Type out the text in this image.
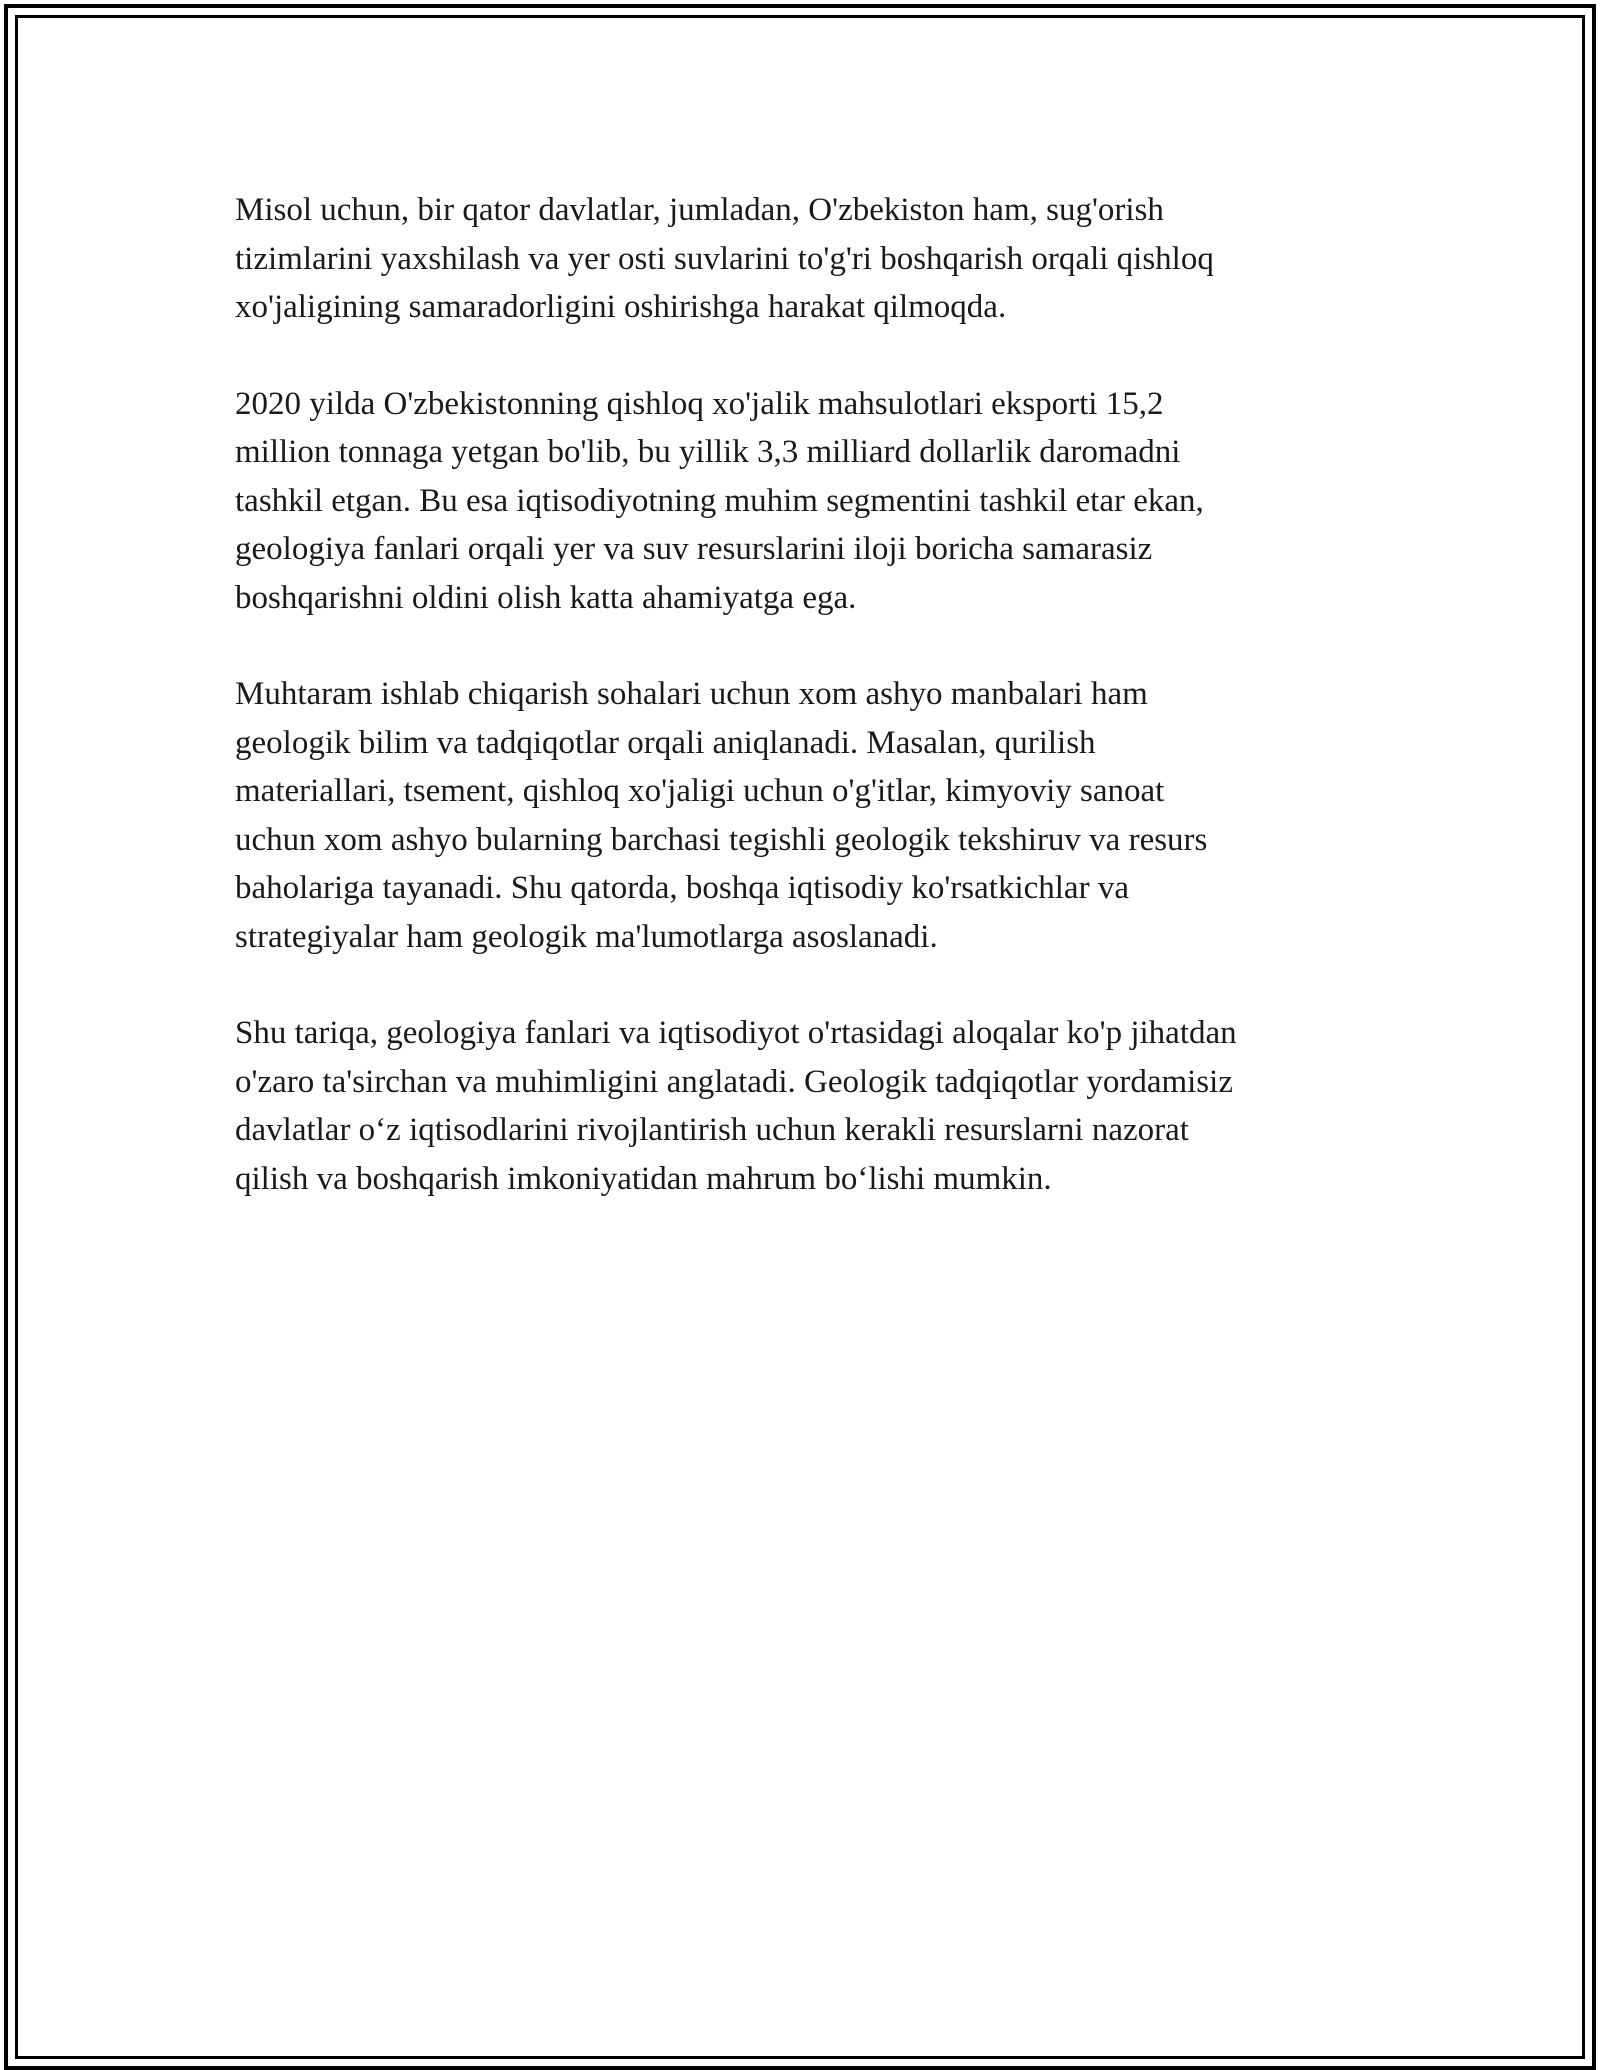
Misol uchun, bir qator davlatlar, jumladan, O'zbekiston ham, sug'orish
tizimlarini yaxshilash va yer osti suvlarini to'g'ri boshqarish orqali qishloq
xo'jaligining samaradorligini oshirishga harakat qilmoqda.

2020 yilda O'zbekistonning qishloq xo'jalik mahsulotlari eksporti 15,2
million tonnaga yetgan bo'lib, bu yillik 3,3 milliard dollarlik daromadni
tashkil etgan. Bu esa iqtisodiyotning muhim segmentini tashkil etar ekan,
geologiya fanlari orqali yer va suv resurslarini iloji boricha samarasiz
boshqarishni oldini olish katta ahamiyatga ega.

Muhtaram ishlab chiqarish sohalari uchun xom ashyo manbalari ham
geologik bilim va tadqiqotlar orqali aniqlanadi. Masalan, qurilish
materiallari, tsement, qishloq xo'jaligi uchun o'g'itlar, kimyoviy sanoat
uchun xom ashyo bularning barchasi tegishli geologik tekshiruv va resurs
baholariga tayanadi. Shu qatorda, boshqa iqtisodiy ko'rsatkichlar va
strategiyalar ham geologik ma'lumotlarga asoslanadi.

Shu tariqa, geologiya fanlari va iqtisodiyot o'rtasidagi aloqalar ko'p jihatdan
o'zaro ta'sirchan va muhimligini anglatadi. Geologik tadqiqotlar yordamisiz
davlatlar o‘z iqtisodlarini rivojlantirish uchun kerakli resurslarni nazorat
qilish va boshqarish imkoniyatidan mahrum bo‘lishi mumkin.
